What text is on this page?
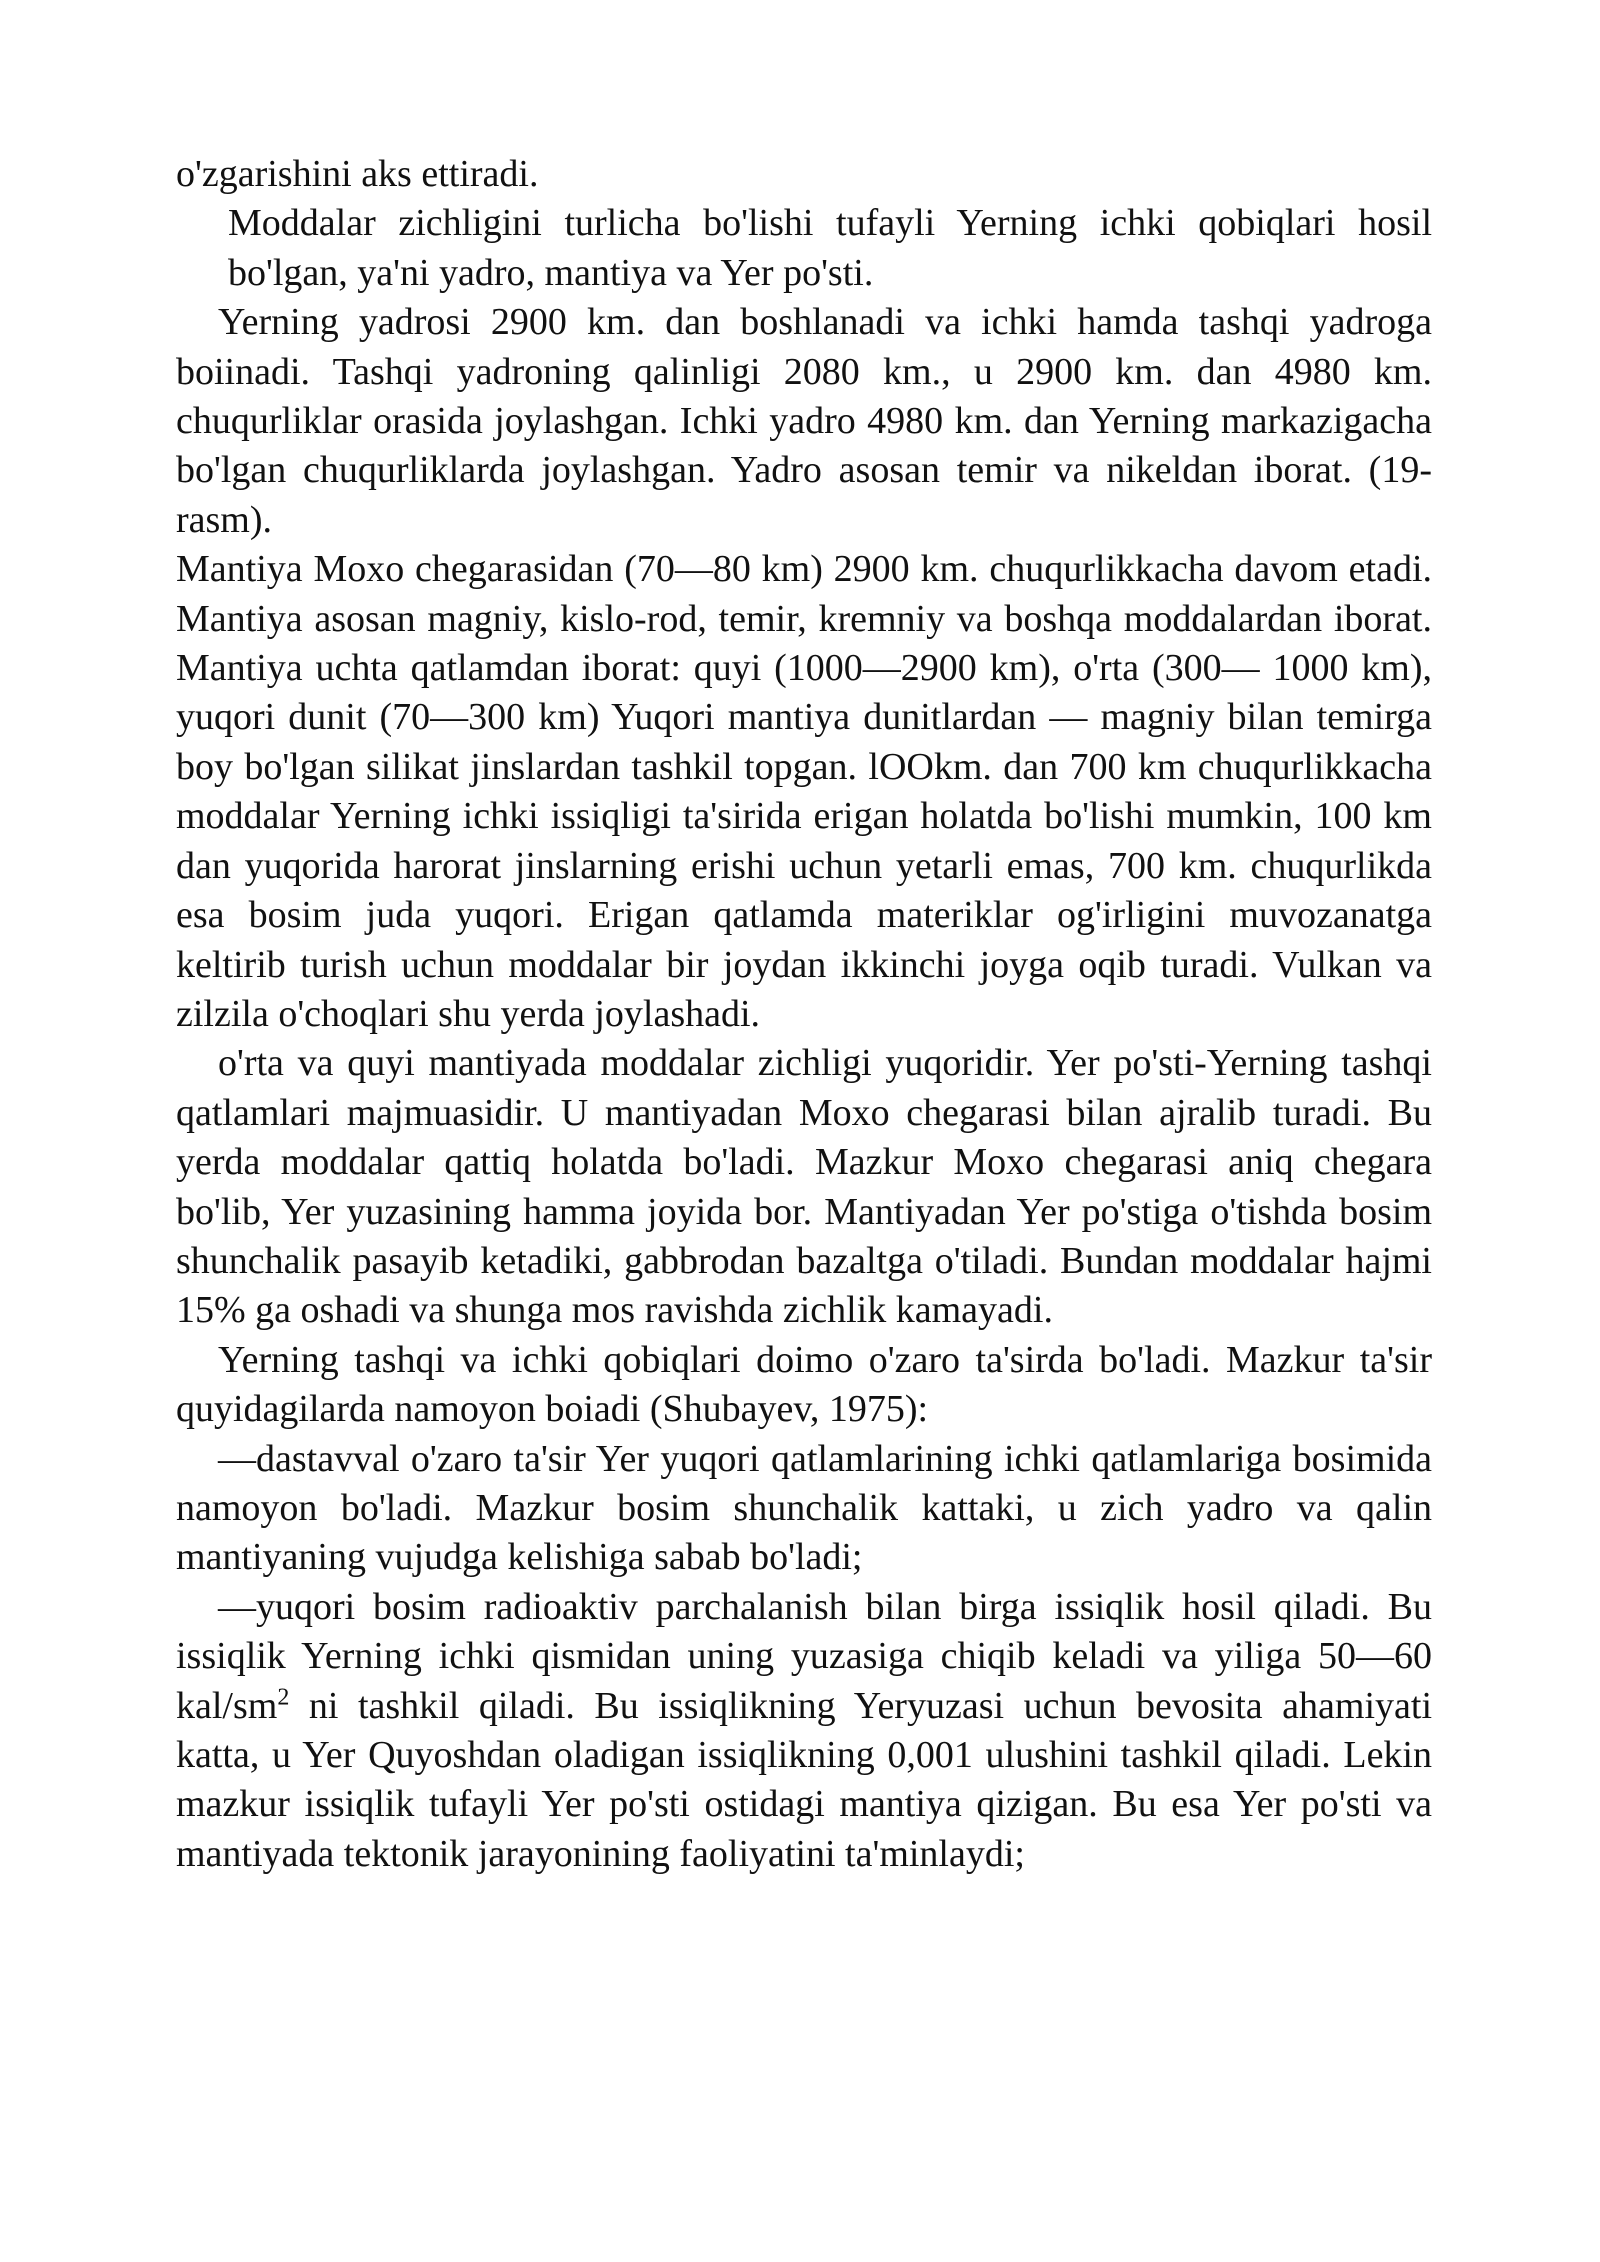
o'zgarishini aks ettiradi.

Moddalar zichligini turlicha bo'lishi tufayli Yerning ichki qobiqlari hosil bo'lgan, ya'ni yadro, mantiya va Yer po'sti.

Yerning yadrosi 2900 km. dan boshlanadi va ichki hamda tashqi yadroga boiinadi. Tashqi yadroning qalinligi 2080 km., u 2900 km. dan 4980 km. chuqurliklar orasida joylashgan. Ichki yadro 4980 km. dan Yerning markazigacha bo'lgan chuqurliklarda joylashgan. Yadro asosan temir va nikeldan iborat. (19-rasm).

Mantiya Moxo chegarasidan (70—80 km) 2900 km. chuqurlikkacha davom etadi. Mantiya asosan magniy, kislo-rod, temir, kremniy va boshqa moddalardan iborat. Mantiya uchta qatlamdan iborat: quyi (1000—2900 km), o'rta (300— 1000 km), yuqori dunit (70—300 km) Yuqori mantiya dunitlardan — magniy bilan temirga boy bo'lgan silikat jinslardan tashkil topgan. lOOkm. dan 700 km chuqurlikkacha moddalar Yerning ichki issiqligi ta'sirida erigan holatda bo'lishi mumkin, 100 km dan yuqorida harorat jinslarning erishi uchun yetarli emas, 700 km. chuqurlikda esa bosim juda yuqori. Erigan qatlamda materiklar og'irligini muvozanatga keltirib turish uchun moddalar bir joydan ikkinchi joyga oqib turadi. Vulkan va zilzila o'choqlari shu yerda joylashadi.

o'rta va quyi mantiyada moddalar zichligi yuqoridir. Yer po'sti-Yerning tashqi qatlamlari majmuasidir. U mantiyadan Moxo chegarasi bilan ajralib turadi. Bu yerda moddalar qattiq holatda bo'ladi. Mazkur Moxo chegarasi aniq chegara bo'lib, Yer yuzasining hamma joyida bor. Mantiyadan Yer po'stiga o'tishda bosim shunchalik pasayib ketadiki, gabbrodan bazaltga o'tiladi. Bundan moddalar hajmi 15% ga oshadi va shunga mos ravishda zichlik kamayadi.

Yerning tashqi va ichki qobiqlari doimo o'zaro ta'sirda bo'ladi. Mazkur ta'sir quyidagilarda namoyon boiadi (Shubayev, 1975):

—dastavval o'zaro ta'sir Yer yuqori qatlamlarining ichki qatlamlariga bosimida namoyon bo'ladi. Mazkur bosim shunchalik kattaki, u zich yadro va qalin mantiyaning vujudga kelishiga sabab bo'ladi;

—yuqori bosim radioaktiv parchalanish bilan birga issiqlik hosil qiladi. Bu issiqlik Yerning ichki qismidan uning yuzasiga chiqib keladi va yiliga 50—60 kal/$sm^2$ ni tashkil qiladi. Bu issiqlikning Yeryuzasi uchun bevosita ahamiyati katta, u Yer Quyoshdan oladigan issiqlikning 0,001 ulushini tashkil qiladi. Lekin mazkur issiqlik tufayli Yer po'sti ostidagi mantiya qizigan. Bu esa Yer po'sti va mantiyada tektonik jarayonining faoliyatini ta'minlaydi;
